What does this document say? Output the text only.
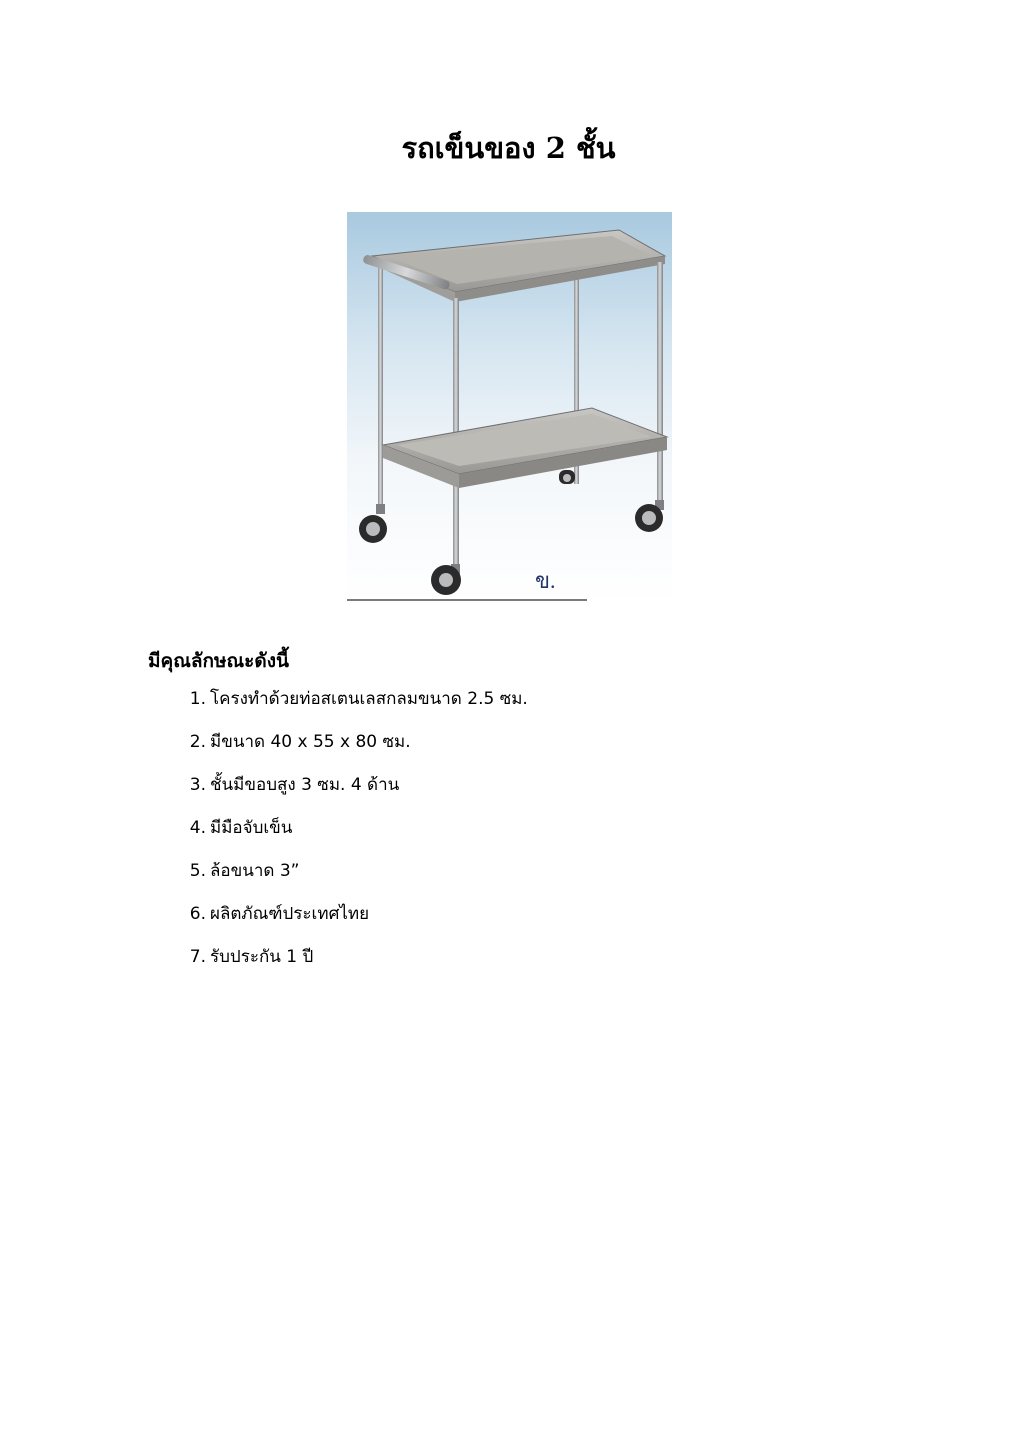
รถเข็นของ 2 ชั้น
ข.
มีคุณลักษณะดังนี้
1. โครงทำด้วยท่อสเตนเลสกลมขนาด 2.5 ซม.
2. มีขนาด 40 x 55 x 80 ซม.
3. ชั้นมีขอบสูง 3 ซม. 4 ด้าน
4. มีมือจับเข็น
5. ล้อขนาด 3”
6. ผลิตภัณฑ์ประเทศไทย
7. รับประกัน 1 ปี
